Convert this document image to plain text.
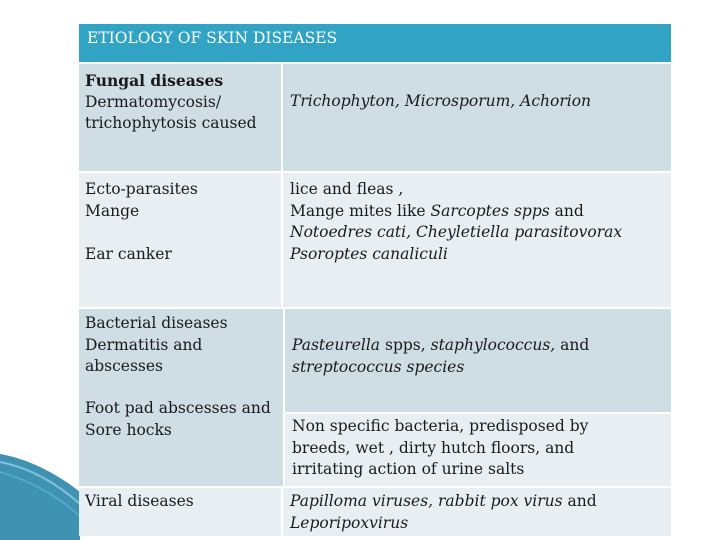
ETIOLOGY OF SKIN DISEASES
Fungal diseases
Dermatomycosis/
trichophytosis caused
Trichophyton, Microsporum, Achorion
Ecto-parasites
Mange
Ear canker
lice and fleas ,
Mange mites like Sarcoptes spps and
Notoedres cati, Cheyletiella parasitovorax
Psoroptes canaliculi
Bacterial diseases
Dermatitis and
abscesses
Foot pad abscesses and
Sore hocks
Pasteurella spps, staphylococcus, and
streptococcus species
Non specific bacteria, predisposed by
breeds, wet , dirty hutch floors, and
irritating action of urine salts
Viral diseases	Papilloma viruses, rabbit pox virus and
Leporipoxvirus
